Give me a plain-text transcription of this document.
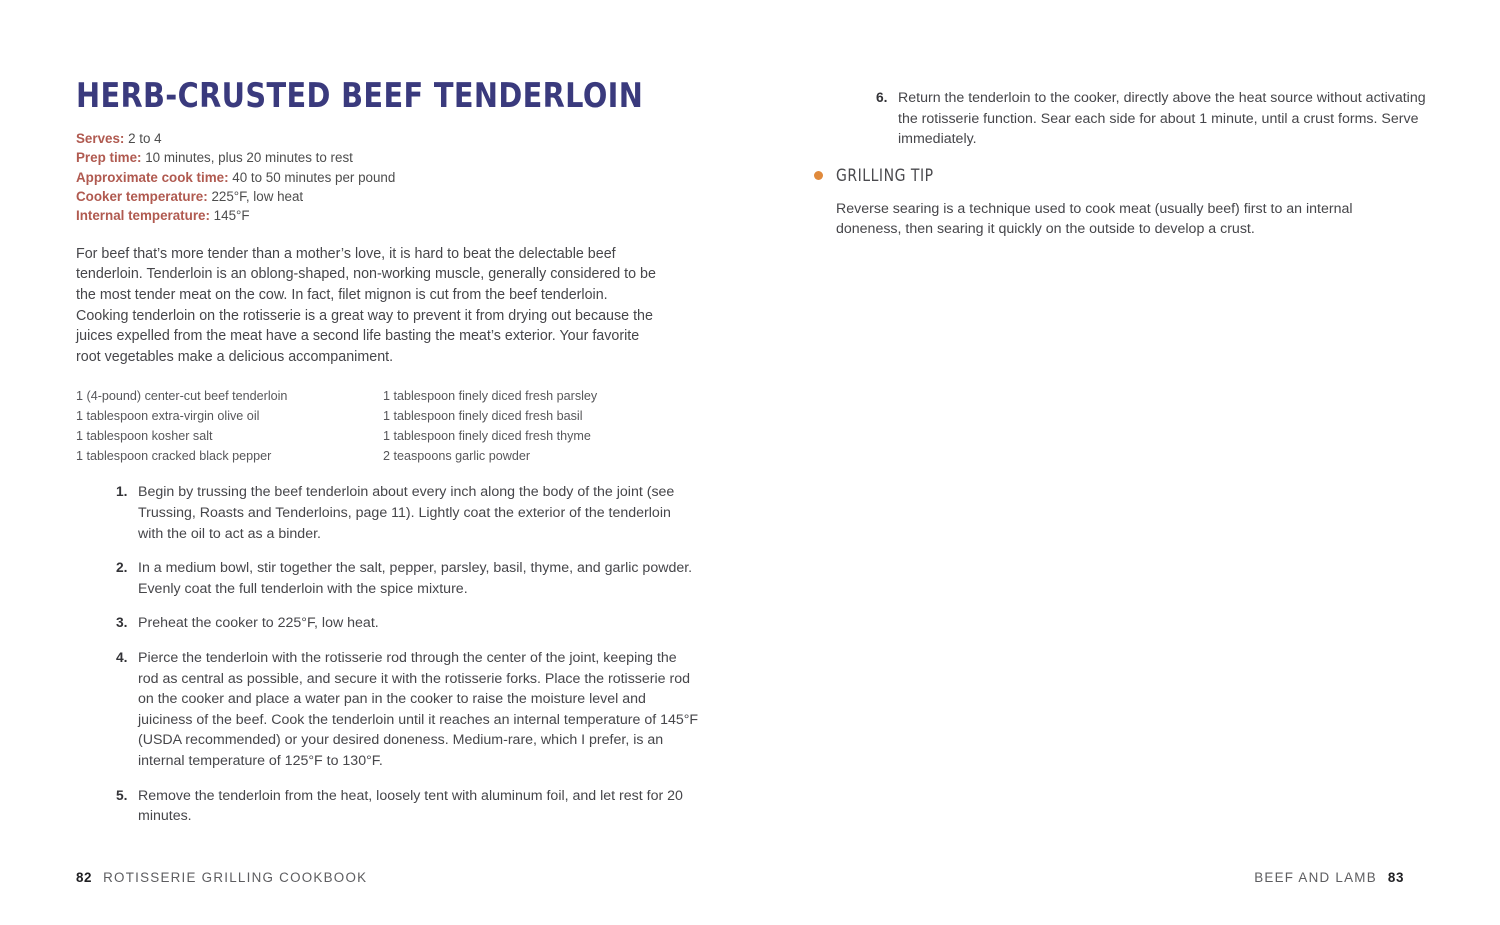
HERB-CRUSTED BEEF TENDERLOIN
Serves: 2 to 4
Prep time: 10 minutes, plus 20 minutes to rest
Approximate cook time: 40 to 50 minutes per pound
Cooker temperature: 225°F, low heat
Internal temperature: 145°F

For beef that’s more tender than a mother’s love, it is hard to beat the delectable beef tenderloin. Tenderloin is an oblong-shaped, non-working muscle, generally considered to be the most tender meat on the cow. In fact, filet mignon is cut from the beef tenderloin. Cooking tenderloin on the rotisserie is a great way to prevent it from drying out because the juices expelled from the meat have a second life basting the meat’s exterior. Your favorite root vegetables make a delicious accompaniment.

1 (4-pound) center-cut beef tenderloin
1 tablespoon extra-virgin olive oil
1 tablespoon kosher salt
1 tablespoon cracked black pepper
1 tablespoon finely diced fresh parsley
1 tablespoon finely diced fresh basil
1 tablespoon finely diced fresh thyme
2 teaspoons garlic powder
1. Begin by trussing the beef tenderloin about every inch along the body of the joint (see Trussing, Roasts and Tenderloins, page 11). Lightly coat the exterior of the tenderloin with the oil to act as a binder.
2. In a medium bowl, stir together the salt, pepper, parsley, basil, thyme, and garlic powder. Evenly coat the full tenderloin with the spice mixture.
3. Preheat the cooker to 225°F, low heat.
4. Pierce the tenderloin with the rotisserie rod through the center of the joint, keeping the rod as central as possible, and secure it with the rotisserie forks. Place the rotisserie rod on the cooker and place a water pan in the cooker to raise the moisture level and juiciness of the beef. Cook the tenderloin until it reaches an internal temperature of 145°F (USDA recommended) or your desired doneness. Medium-rare, which I prefer, is an internal temperature of 125°F to 130°F.
5. Remove the tenderloin from the heat, loosely tent with aluminum foil, and let rest for 20 minutes.
82 ROTISSERIE GRILLING COOKBOOK
6. Return the tenderloin to the cooker, directly above the heat source without activating the rotisserie function. Sear each side for about 1 minute, until a crust forms. Serve immediately.
GRILLING TIP

Reverse searing is a technique used to cook meat (usually beef) first to an internal doneness, then searing it quickly on the outside to develop a crust.

BEEF AND LAMB 83
